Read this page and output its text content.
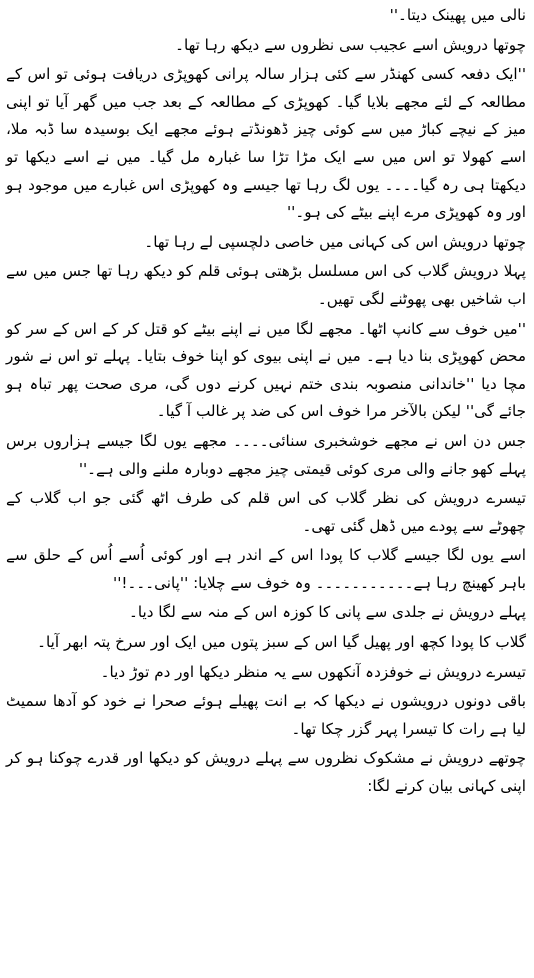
نالی میں پھینک دیتا۔''

چوتھا درویش اسے عجیب سی نظروں سے دیکھ رہا تھا۔

''ایک دفعہ کسی کھنڈر سے کئی ہزار سالہ پرانی کھوپڑی دریافت ہوئی تو اس کے مطالعہ کے لئے مجھے بلایا گیا۔ کھوپڑی کے مطالعہ کے بعد جب میں گھر آیا تو اپنی میز کے نیچے کباڑ میں سے کوئی چیز ڈھونڈتے ہوئے مجھے ایک بوسیدہ سا ڈبہ ملا، اسے کھولا تو اس میں سے ایک مڑا تڑا سا غبارہ مل گیا۔ میں نے اسے دیکھا تو دیکھتا ہی رہ گیا۔۔۔۔ یوں لگ رہا تھا جیسے وہ کھوپڑی اس غبارے میں موجود ہو اور وہ کھوپڑی مرے اپنے بیٹے کی ہو۔''

چوتھا درویش اس کی کہانی میں خاصی دلچسپی لے رہا تھا۔

پہلا درویش گلاب کی اس مسلسل بڑھتی ہوئی قلم کو دیکھ رہا تھا جس میں سے اب شاخیں بھی پھوٹنے لگی تھیں۔

''میں خوف سے کانپ اٹھا۔ مجھے لگا میں نے اپنے بیٹے کو قتل کر کے اس کے سر کو محض کھوپڑی بنا دیا ہے۔ میں نے اپنی بیوی کو اپنا خوف بتایا۔ پہلے تو اس نے شور مچا دیا ''خاندانی منصوبہ بندی ختم نہیں کرنے دوں گی، مری صحت پھر تباہ ہو جائے گی'' لیکن بالآخر مرا خوف اس کی ضد پر غالب آ گیا۔

جس دن اس نے مجھے خوشخبری سنائی۔۔۔۔ مجھے یوں لگا جیسے ہزاروں برس پہلے کھو جانے والی مری کوئی قیمتی چیز مجھے دوبارہ ملنے والی ہے۔''

تیسرے درویش کی نظر گلاب کی اس قلم کی طرف اٹھ گئی جو اب گلاب کے چھوٹے سے پودے میں ڈھل گئی تھی۔

اسے یوں لگا جیسے گلاب کا پودا اس کے اندر ہے اور کوئی اُسے اُس کے حلق سے باہر کھینچ رہا ہے۔۔۔۔۔۔۔۔۔۔۔ وہ خوف سے چلایا: ''پانی۔۔۔!''

پہلے درویش نے جلدی سے پانی کا کوزہ اس کے منہ سے لگا دیا۔

گلاب کا پودا کچھ اور پھیل گیا اس کے سبز پتوں میں ایک اور سرخ پتہ ابھر آیا۔

تیسرے درویش نے خوفزدہ آنکھوں سے یہ منظر دیکھا اور دم توڑ دیا۔

باقی دونوں درویشوں نے دیکھا کہ بے انت پھیلے ہوئے صحرا نے خود کو آدھا سمیٹ لیا ہے رات کا تیسرا پہر گزر چکا تھا۔

چوتھے درویش نے مشکوک نظروں سے پہلے درویش کو دیکھا اور قدرے چوکنا ہو کر اپنی کہانی بیان کرنے لگا:
